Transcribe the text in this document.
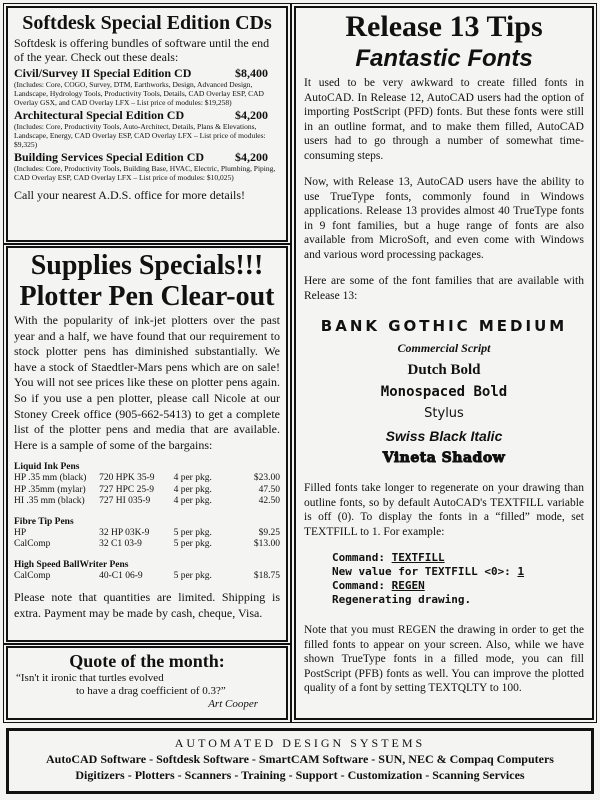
Softdesk Special Edition CDs

Softdesk is offering bundles of software until the end of the year. Check out these deals:

Civil/Survey II Special Edition CD	$8,400
(Includes: Core, COGO, Survey, DTM, Earthworks, Design, Advanced Design, Landscape, Hydrology Tools, Productivity Tools, Details, CAD Overlay ESP, CAD Overlay GSX, and CAD Overlay LFX – List price of modules: $19,258)
Architectural Special Edition CD	$4,200
(Includes: Core, Productivity Tools, Auto-Architect, Details, Plans & Elevations, Landscape, Energy, CAD Overlay ESP, CAD Overlay LFX – List price of modules: $9,325)
Building Services Special Edition CD	$4,200
(Includes: Core, Productivity Tools, Building Base, HVAC, Electric, Plumbing, Piping, CAD Overlay ESP, CAD Overlay LFX – List price of modules: $10,025)

Call your nearest A.D.S. office for more details!

Supplies Specials!!!
Plotter Pen Clear-out

With the popularity of ink-jet plotters over the past year and a half, we have found that our requirement to stock plotter pens has diminished substantially. We have a stock of Staedtler-Mars pens which are on sale! You will not see prices like these on plotter pens again. So if you use a pen plotter, please call Nicole at our Stoney Creek office (905-662-5413) to get a complete list of the plotter pens and media that are available. Here is a sample of some of the bargains:

Liquid Ink Pens
HP .35 mm (black)	720 HPK 35-9	4 per pkg.	$23.00
HP .35mm (mylar)	727 HPC 25-9	4 per pkg.	47.50
HI .35 mm (black)	727 HI 035-9	4 per pkg.	42.50
Fibre Tip Pens
HP	32 HP 03K-9	5 per pkg.	$9.25
CalComp	32 C1 03-9	5 per pkg.	$13.00
High Speed BallWriter Pens
CalComp	40-C1 06-9	5 per pkg.	$18.75

Please note that quantities are limited. Shipping is extra. Payment may be made by cash, cheque, Visa.

Quote of the month:

“Isn't it ironic that turtles evolved

to have a drag coefficient of 0.3?”

Art Cooper

Release 13 Tips
Fantastic Fonts

It used to be very awkward to create filled fonts in AutoCAD. In Release 12, AutoCAD users had the option of importing PostScript (PFD) fonts. But these fonts were still in an outline format, and to make them filled, AutoCAD users had to go through a number of somewhat time-consuming steps.

Now, with Release 13, AutoCAD users have the ability to use TrueType fonts, commonly found in Windows applications. Release 13 provides almost 40 TrueType fonts in 9 font families, but a huge range of fonts are also available from MicroSoft, and even come with Windows and various word processing packages.

Here are some of the font families that are available with Release 13:

BANK GOTHIC MEDIUM
Commercial Script
Dutch Bold
Monospaced Bold
Stylus
Swiss Black Italic
Vineta Shadow

Filled fonts take longer to regenerate on your drawing than outline fonts, so by default AutoCAD's TEXTFILL variable is off (0). To display the fonts in a “filled” mode, set TEXTFILL to 1. For example:

Command: TEXTFILL
New value for TEXTFILL <0>: 1
Command: REGEN
Regenerating drawing.

Note that you must REGEN the drawing in order to get the filled fonts to appear on your screen. Also, while we have shown TrueType fonts in a filled mode, you can fill PostScript (PFB) fonts as well. You can improve the plotted quality of a font by setting TEXTQLTY to 100.

AUTOMATED DESIGN SYSTEMS
AutoCAD Software - Softdesk Software - SmartCAM Software - SUN, NEC & Compaq Computers
Digitizers - Plotters - Scanners - Training - Support - Customization - Scanning Services
